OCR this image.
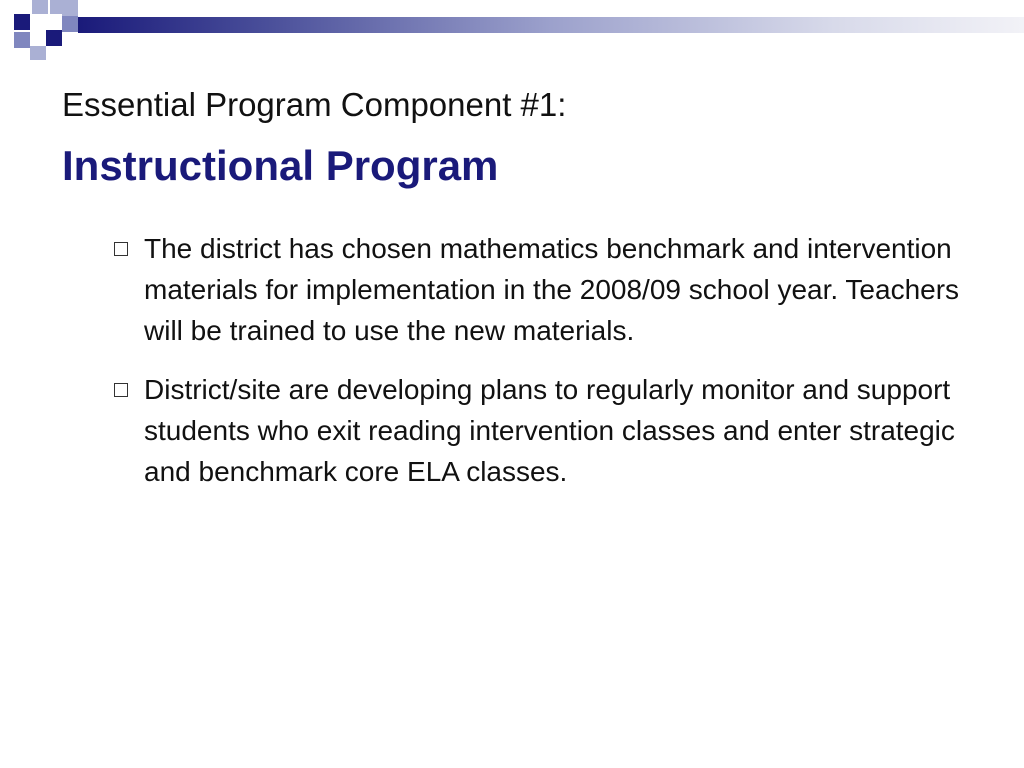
Essential Program Component #1:
Instructional Program
The district has chosen mathematics benchmark and intervention materials for implementation in the 2008/09 school year. Teachers will be trained to use the new materials.
District/site are developing plans to regularly monitor and support students who exit reading intervention classes and enter strategic and benchmark core ELA classes.
